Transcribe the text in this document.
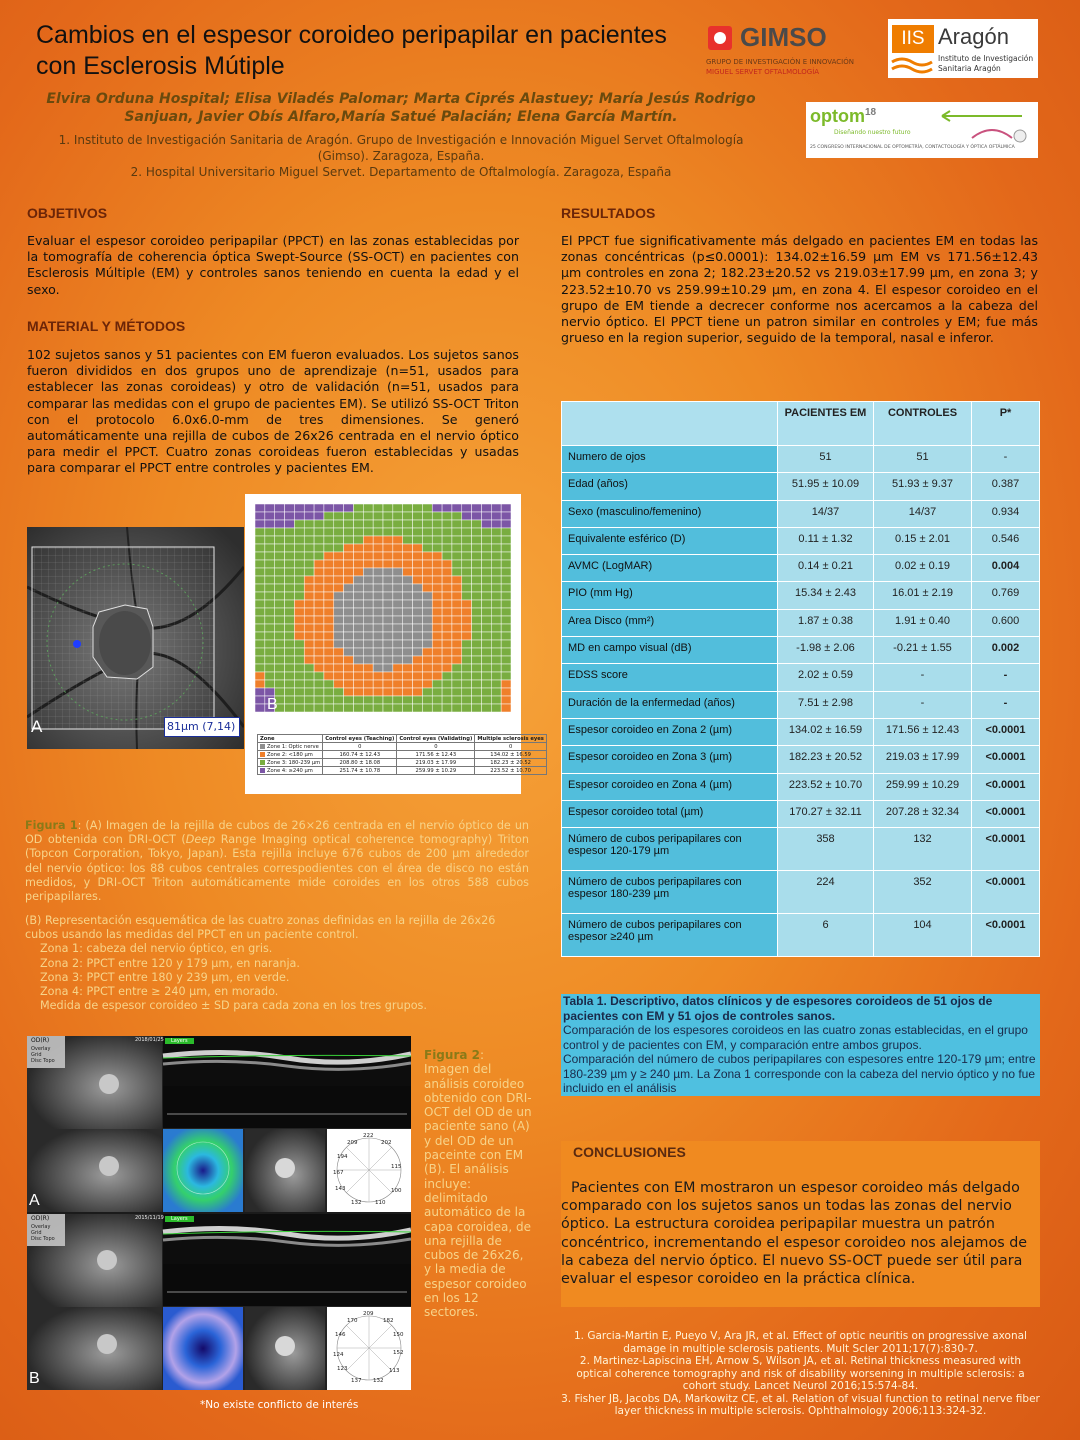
Cambios en el espesor coroideo peripapilar en pacientes con Esclerosis Mútiple
Elvira Orduna Hospital; Elisa Viladés Palomar; Marta Ciprés Alastuey; María Jesús Rodrigo Sanjuan, Javier Obís Alfaro,María Satué Palacián; Elena García Martín.
1. Instituto de Investigación Sanitaria de Aragón. Grupo de Investigación e Innovación Miguel Servet Oftalmología (Gimso). Zaragoza, España.
2. Hospital Universitario Miguel Servet. Departamento de Oftalmología. Zaragoza, España
GIMSO
GRUPO DE INVESTIGACIÓN E INNOVACIÓN
MIGUEL SERVET OFTALMOLOGÍA
IIS Aragón
Instituto de Investigación
Sanitaria Aragón
optom$^{18}$
Diseñando nuestro futuro
25 CONGRESO INTERNACIONAL DE OPTOMETRÍA, CONTACTOLOGÍA Y ÓPTICA OFTÁLMICA
OBJETIVOS
Evaluar el espesor coroideo peripapilar (PPCT) en las zonas establecidas por la tomografía de coherencia óptica Swept-Source (SS-OCT) en pacientes con Esclerosis Múltiple (EM) y controles sanos teniendo en cuenta la edad y el sexo.
MATERIAL Y MÉTODOS
102 sujetos sanos y 51 pacientes con EM fueron evaluados. Los sujetos sanos fueron divididos en dos grupos uno de aprendizaje (n=51, usados para establecer las zonas coroideas) y otro de validación (n=51, usados para comparar las medidas con el grupo de pacientes EM). Se utilizó SS-OCT Triton con el protocolo 6.0x6.0-mm de tres dimensiones. Se generó automáticamente una rejilla de cubos de 26x26 centrada en el nervio óptico para medir el PPCT. Cuatro zonas coroideas fueron establecidas y usadas para comparar el PPCT entre controles y pacientes EM.
A	81µm (7,14)
B
Zone	Control eyes (Teaching)	Control eyes (Validating)	Multiple sclerosis eyes
Zone 1: Optic nerve	0	0	0
Zone 2: <180 µm	160.74 ± 12.43	171.56 ± 12.43	134.02 ± 16.59
Zone 3: 180-239 µm	208.80 ± 18.08	219.03 ± 17.99	182.23 ± 20.52
Zone 4: ≥240 µm	251.74 ± 10.78	259.99 ± 10.29	223.52 ± 10.70
Figura 1: (A) Imagen de la rejilla de cubos de 26×26 centrada en el nervio óptico de un OD obtenida con DRI-OCT (Deep Range Imaging optical coherence tomography) Triton (Topcon Corporation, Tokyo, Japan). Esta rejilla incluye 676 cubos de 200 µm alrededor del nervio óptico: los 88 cubos centrales correspodientes con el área de disco no están medidos, y DRI-OCT Triton automáticamente mide coroides en los otros 588 cubos peripapilares.
(B) Representación esquemática de las cuatro zonas definidas en la rejilla de 26x26 cubos usando las medidas del PPCT en un paciente control.
Zona 1: cabeza del nervio óptico, en gris.
Zona 2: PPCT entre 120 y 179 µm, en naranja.
Zona 3: PPCT entre 180 y 239 µm, en verde.
Zona 4: PPCT entre ≥ 240 µm, en morado.
Medida de espesor coroideo ± SD para cada zona en los tres grupos.
OD(R)	2018/01/25	Layers
Overlay
Grid
Disc Topo
222
209	202
194
115
167
143	100
132 110
A
OD(R)	2015/11/19	Layers
Overlay
Grid
Disc Topo
209
170	182
146	150
124	152
123	113
137 132
B
Figura 2: Imagen del análisis coroideo obtenido con DRI-OCT del OD de un paciente sano (A) y del OD de un paceinte con EM (B). El análisis incluye: delimitado automático de la capa coroidea, de una rejilla de cubos de 26x26, y la media de espesor coroideo en los 12 sectores.
*No existe conflicto de interés
RESULTADOS
El PPCT fue significativamente más delgado en pacientes EM en todas las zonas concéntricas (p≤0.0001): 134.02±16.59 µm EM vs 171.56±12.43 µm controles en zona 2; 182.23±20.52 vs 219.03±17.99 µm, en zona 3; y 223.52±10.70 vs 259.99±10.29 µm, en zona 4. El espesor coroideo en el grupo de EM tiende a decrecer conforme nos acercamos a la cabeza del nervio óptico. El PPCT tiene un patron similar en controles y EM; fue más grueso en la region superior, seguido de la temporal, nasal e inferor.
	PACIENTES EM	CONTROLES	P*
Numero de ojos	51	51	-
Edad (años)	51.95 ± 10.09	51.93 ± 9.37	0.387
Sexo (masculino/femenino)	14/37	14/37	0.934
Equivalente esférico (D)	0.11 ± 1.32	0.15 ± 2.01	0.546
AVMC (LogMAR)	0.14 ± 0.21	0.02 ± 0.19	0.004
PIO (mm Hg)	15.34 ± 2.43	16.01 ± 2.19	0.769
Area Disco (mm²)	1.87 ± 0.38	1.91 ± 0.40	0.600
MD en campo visual (dB)	-1.98 ± 2.06	-0.21 ± 1.55	0.002
EDSS score	2.02 ± 0.59	-	-
Duración de la enfermedad (años)	7.51 ± 2.98	-	-
Espesor coroideo en Zona 2 (µm)	134.02 ± 16.59	171.56 ± 12.43	<0.0001
Espesor coroideo en Zona 3 (µm)	182.23 ± 20.52	219.03 ± 17.99	<0.0001
Espesor coroideo en Zona 4 (µm)	223.52 ± 10.70	259.99 ± 10.29	<0.0001
Espesor coroideo total (µm)	170.27 ± 32.11	207.28 ± 32.34	<0.0001
Número de cubos peripapilares con espesor 120-179 µm	358	132	<0.0001
Número de cubos peripapilares con espesor 180-239 µm	224	352	<0.0001
Número de cubos peripapilares con espesor ≥240 µm	6	104	<0.0001
Tabla 1. Descriptivo, datos clínicos y de espesores coroideos de 51 ojos de pacientes con EM y 51 ojos de controles sanos.
Comparación de los espesores coroideos en las cuatro zonas establecidas, en el grupo control y de pacientes con EM, y comparación entre ambos grupos.
Comparación del número de cubos peripapilares con espesores entre 120-179 µm; entre 180-239 µm y ≥ 240 µm. La Zona 1 corresponde con la cabeza del nervio óptico y no fue incluido en el análisis
CONCLUSIONES
Pacientes con EM mostraron un espesor coroideo más delgado comparado con los sujetos sanos un todas las zonas del nervio óptico. La estructura coroidea peripapilar muestra un patrón concéntrico, incrementando el espesor coroideo nos alejamos de la cabeza del nervio óptico. El nuevo SS-OCT puede ser útil para evaluar el espesor coroideo en la práctica clínica.
1. Garcia-Martin E, Pueyo V, Ara JR, et al. Effect of optic neuritis on progressive axonal damage in multiple sclerosis patients. Mult Scler 2011;17(7):830-7.
2. Martinez-Lapiscina EH, Arnow S, Wilson JA, et al. Retinal thickness measured with optical coherence tomography and risk of disability worsening in multiple sclerosis: a cohort study. Lancet Neurol 2016;15:574-84.
3. Fisher JB, Jacobs DA, Markowitz CE, et al. Relation of visual function to retinal nerve fiber layer thickness in multiple sclerosis. Ophthalmology 2006;113:324-32.
